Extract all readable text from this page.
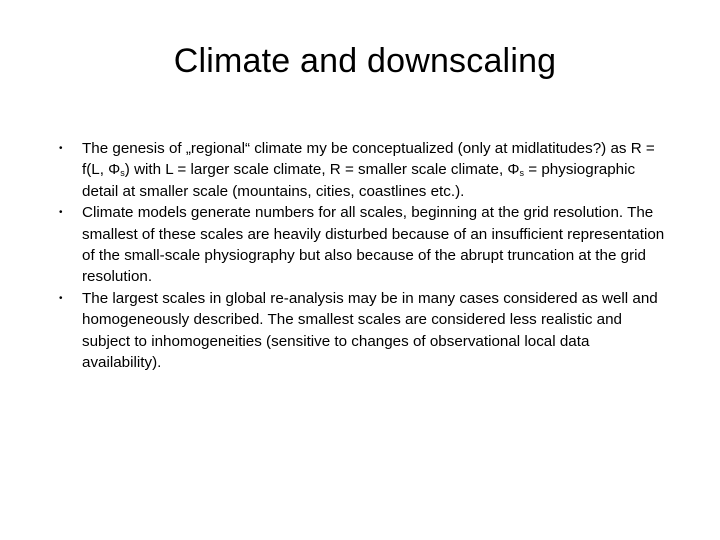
Climate and downscaling
• The genesis of „regional“ climate my be conceptualized (only at midlatitudes?) as R = f(L, $\Phi_s$) with L = larger scale climate, R = smaller scale climate, $\Phi_s$ = physiographic detail at smaller scale (mountains, cities, coastlines etc.).
• Climate models generate numbers for all scales, beginning at the grid resolution. The smallest of these scales are heavily disturbed because of an insufficient representation of the small-scale physiography but also because of the abrupt truncation at the grid resolution.
• The largest scales in global re-analysis may be in many cases considered as well and homogeneously described. The smallest scales are considered less realistic and subject to inhomogeneities (sensitive to changes of observational local data availability).
